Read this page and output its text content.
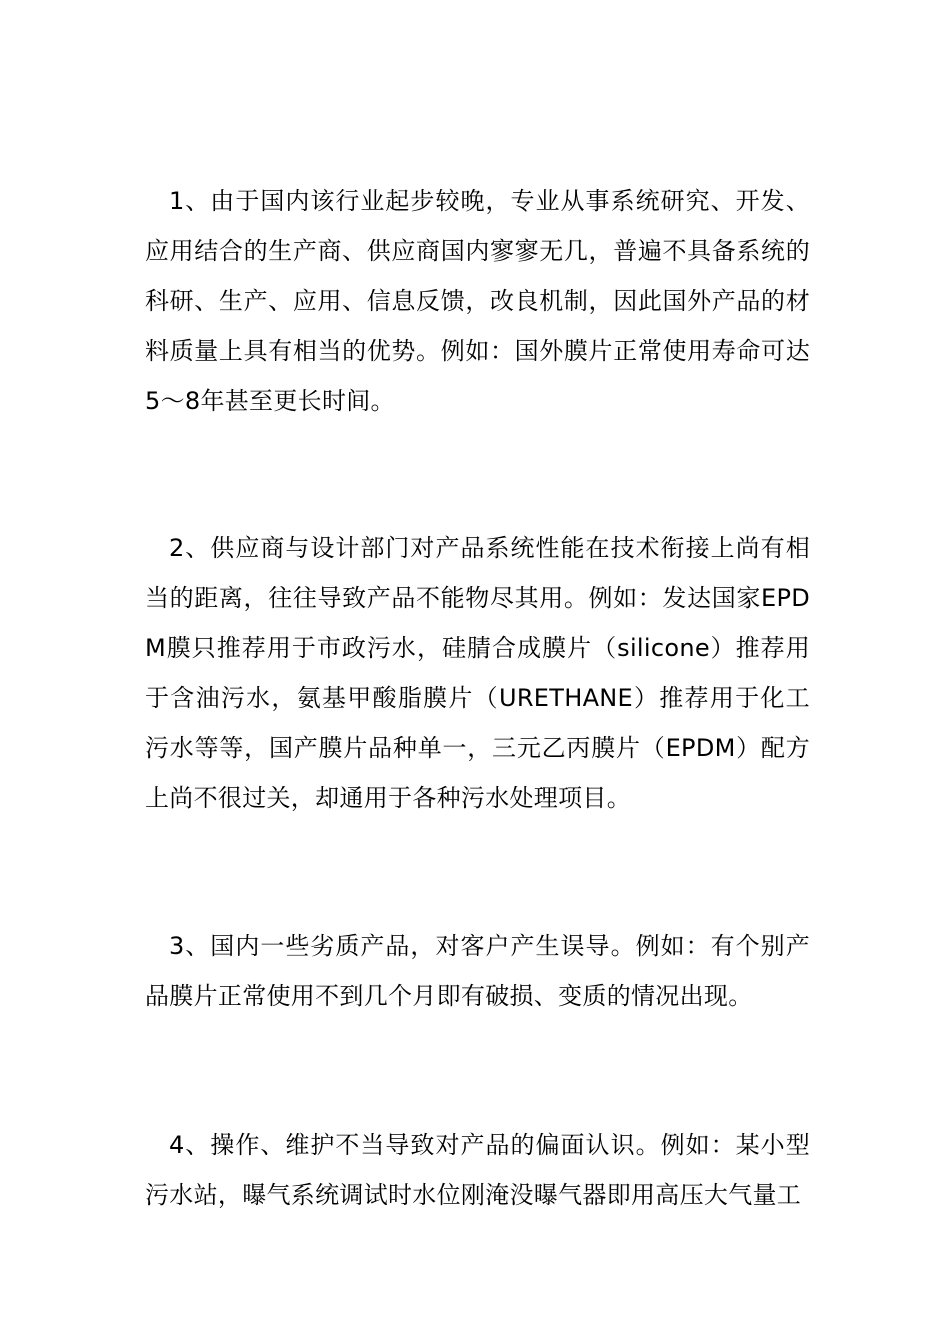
1、由于国内该行业起步较晚，专业从事系统研究、开发、应用结合的生产商、供应商国内寥寥无几，普遍不具备系统的科研、生产、应用、信息反馈，改良机制，因此国外产品的材料质量上具有相当的优势。例如：国外膜片正常使用寿命可达5～8年甚至更长时间。

2、供应商与设计部门对产品系统性能在技术衔接上尚有相当的距离，往往导致产品不能物尽其用。例如：发达国家EPDM膜只推荐用于市政污水，硅腈合成膜片（silicone）推荐用于含油污水，氨基甲酸脂膜片（URETHANE）推荐用于化工污水等等，国产膜片品种单一，三元乙丙膜片（EPDM）配方上尚不很过关，却通用于各种污水处理项目。

3、国内一些劣质产品，对客户产生误导。例如：有个别产品膜片正常使用不到几个月即有破损、变质的情况出现。

4、操作、维护不当导致对产品的偏面认识。例如：某小型污水站，曝气系统调试时水位刚淹没曝气器即用高压大气量工
